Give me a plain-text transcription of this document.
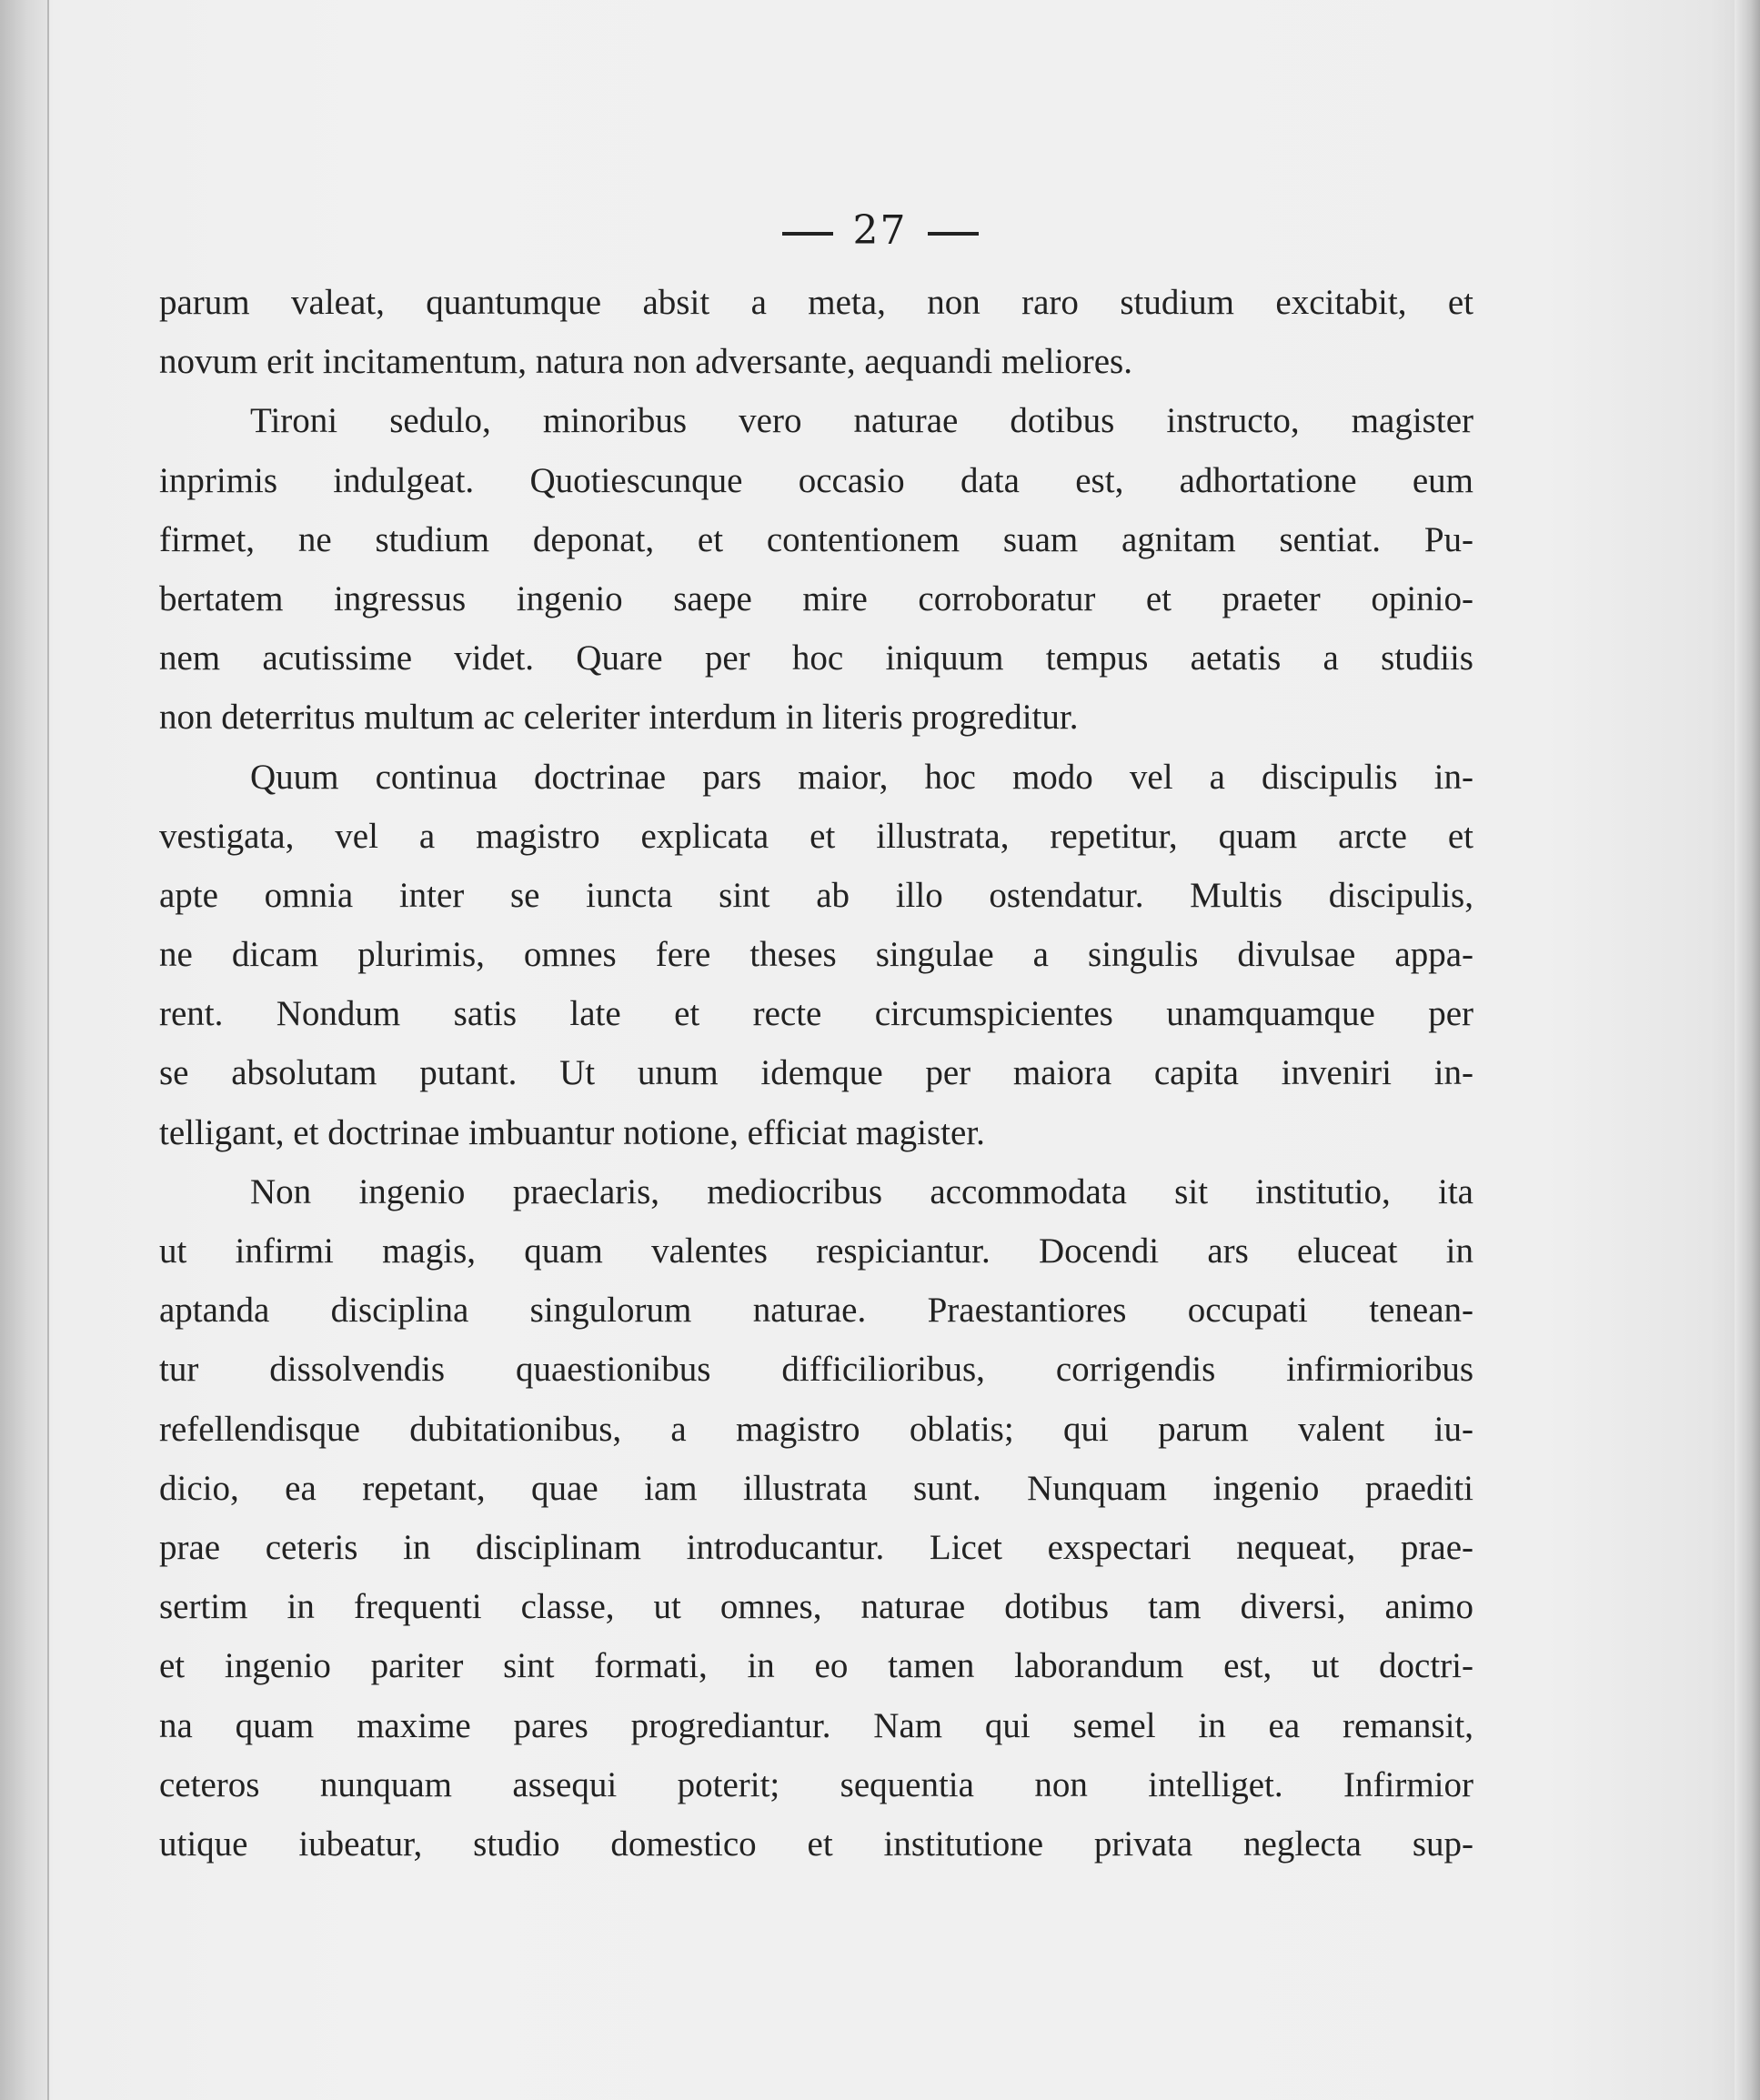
27
parum valeat, quantumque absit a meta, non raro studium excitabit, et
novum erit incitamentum, natura non adversante, aequandi meliores.
Tironi sedulo, minoribus vero naturae dotibus instructo, magister
inprimis indulgeat. Quotiescunque occasio data est, adhortatione eum
firmet, ne studium deponat, et contentionem suam agnitam sentiat. Pu-
bertatem ingressus ingenio saepe mire corroboratur et praeter opinio-
nem acutissime videt. Quare per hoc iniquum tempus aetatis a studiis
non deterritus multum ac celeriter interdum in literis progreditur.
Quum continua doctrinae pars maior, hoc modo vel a discipulis in-
vestigata, vel a magistro explicata et illustrata, repetitur, quam arcte et
apte omnia inter se iuncta sint ab illo ostendatur. Multis discipulis,
ne dicam plurimis, omnes fere theses singulae a singulis divulsae appa-
rent. Nondum satis late et recte circumspicientes unamquamque per
se absolutam putant. Ut unum idemque per maiora capita inveniri in-
telligant, et doctrinae imbuantur notione, efficiat magister.
Non ingenio praeclaris, mediocribus accommodata sit institutio, ita
ut infirmi magis, quam valentes respiciantur. Docendi ars eluceat in
aptanda disciplina singulorum naturae. Praestantiores occupati tenean-
tur dissolvendis quaestionibus difficilioribus, corrigendis infirmioribus
refellendisque dubitationibus, a magistro oblatis; qui parum valent iu-
dicio, ea repetant, quae iam illustrata sunt. Nunquam ingenio praediti
prae ceteris in disciplinam introducantur. Licet exspectari nequeat, prae-
sertim in frequenti classe, ut omnes, naturae dotibus tam diversi, animo
et ingenio pariter sint formati, in eo tamen laborandum est, ut doctri-
na quam maxime pares progrediantur. Nam qui semel in ea remansit,
ceteros nunquam assequi poterit; sequentia non intelliget. Infirmior
utique iubeatur, studio domestico et institutione privata neglecta sup-
